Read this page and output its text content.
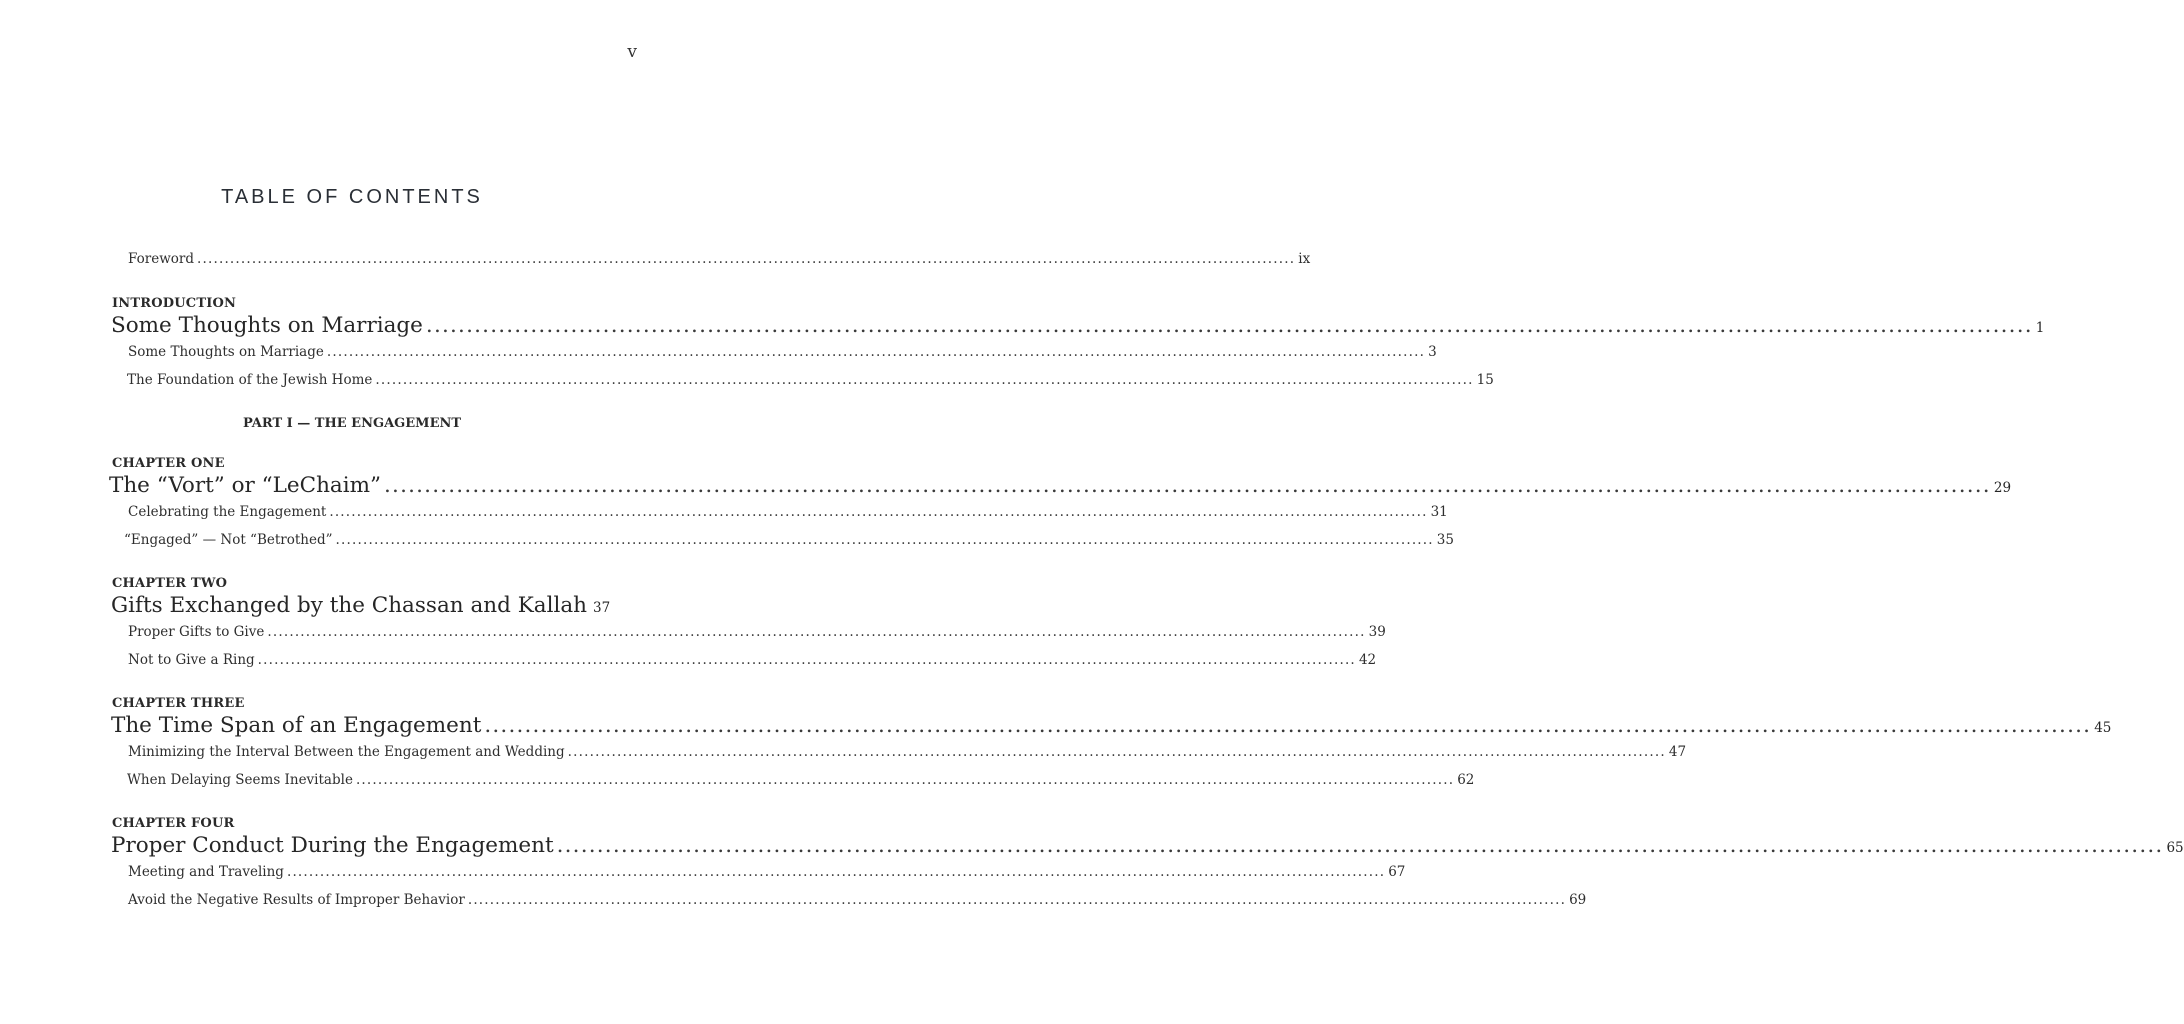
v
TABLE OF CONTENTS
Foreword ........................................................................................................................................................................................................ ix
INTRODUCTION
Some Thoughts on Marriage ........................................................................................................................................................................................................ 1
Some Thoughts on Marriage ........................................................................................................................................................................................................ 3
The Foundation of the Jewish Home ........................................................................................................................................................................................................ 15
PART I — THE ENGAGEMENT
CHAPTER ONE
The “Vort” or “LeChaim” ........................................................................................................................................................................................................ 29
Celebrating the Engagement ........................................................................................................................................................................................................ 31
“Engaged” — Not “Betrothed” ........................................................................................................................................................................................................ 35
CHAPTER TWO
Gifts Exchanged by the Chassan and Kallah 37
Proper Gifts to Give ........................................................................................................................................................................................................ 39
Not to Give a Ring ........................................................................................................................................................................................................ 42
CHAPTER THREE
The Time Span of an Engagement ........................................................................................................................................................................................................ 45
Minimizing the Interval Between the Engagement and Wedding ........................................................................................................................................................................................................ 47
When Delaying Seems Inevitable ........................................................................................................................................................................................................ 62
CHAPTER FOUR
Proper Conduct During the Engagement ........................................................................................................................................................................................................ 65
Meeting and Traveling ........................................................................................................................................................................................................ 67
Avoid the Negative Results of Improper Behavior ........................................................................................................................................................................................................ 69
